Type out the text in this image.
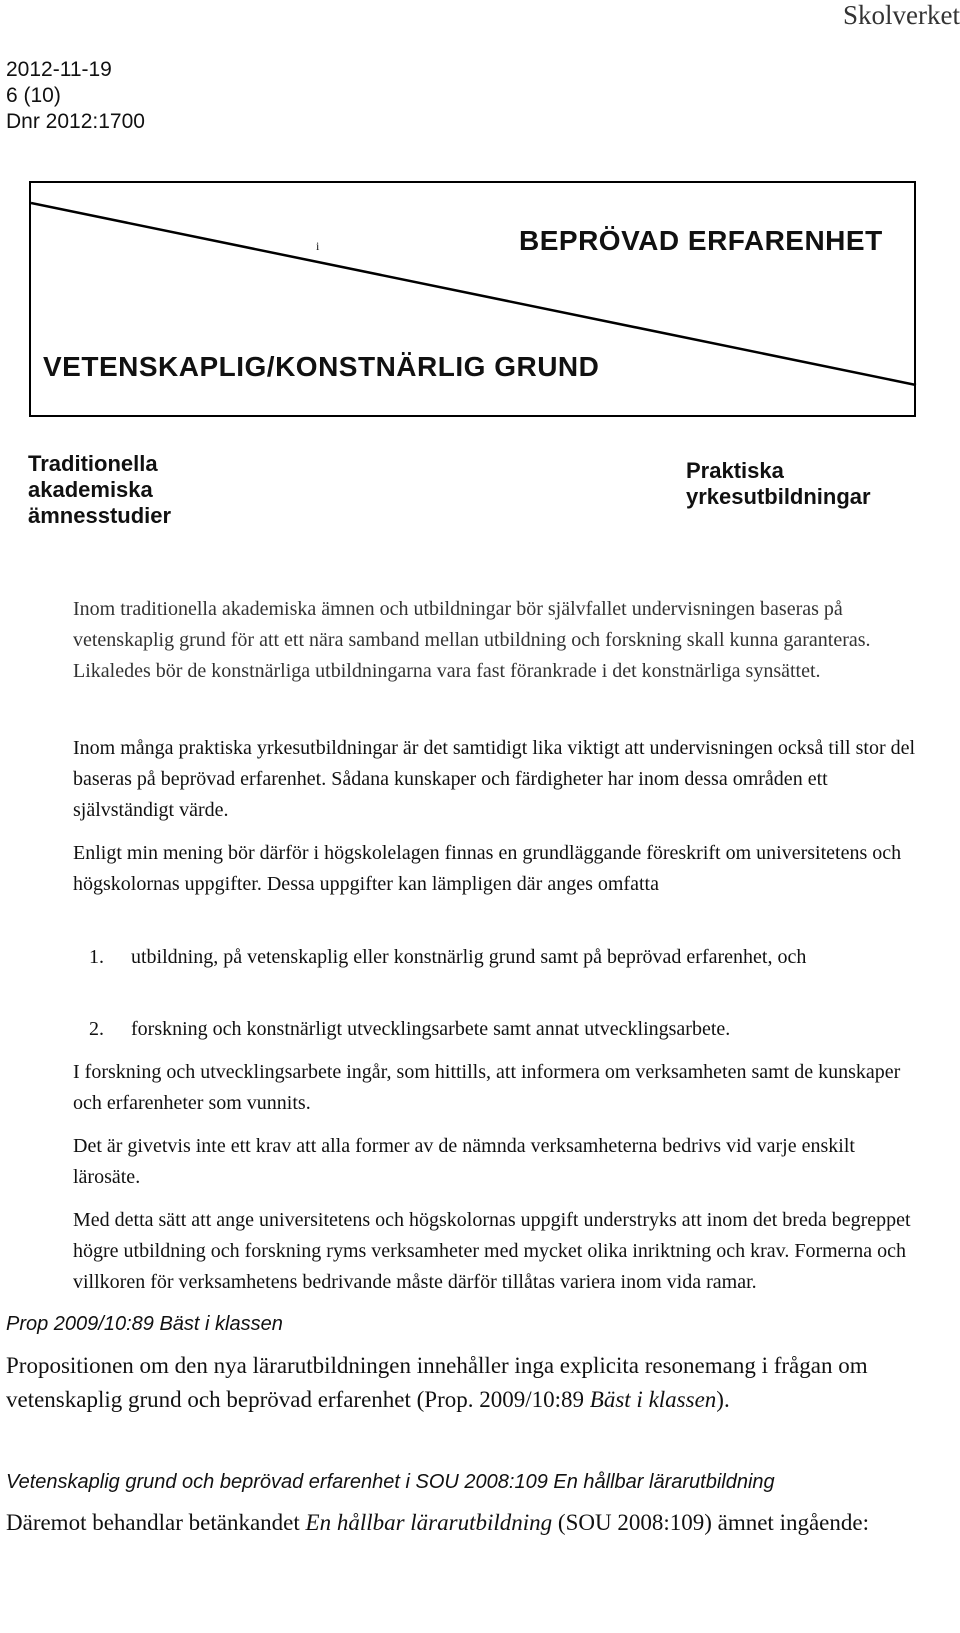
Skolverket
2012-11-19
6 (10)
Dnr 2012:1700
BEPRÖVAD ERFARENHET
VETENSKAPLIG/KONSTNÄRLIG GRUND
i
Traditionella
akademiska
ämnesstudier
Praktiska
yrkesutbildningar

Inom traditionella akademiska ämnen och utbildningar bör självfallet undervisningen baseras på vetenskaplig grund för att ett nära samband mellan utbildning och forskning skall kunna garanteras. Likaledes bör de konstnärliga utbildningarna vara fast förankrade i det konstnärliga synsättet.

Inom många praktiska yrkesutbildningar är det samtidigt lika viktigt att undervisningen också till stor del baseras på beprövad erfarenhet. Sådana kunskaper och färdigheter har inom dessa områden ett självständigt värde.

Enligt min mening bör därför i högskolelagen finnas en grundläggande föreskrift om universitetens och högskolornas uppgifter. Dessa uppgifter kan lämpligen där anges omfatta

1. utbildning, på vetenskaplig eller konstnärlig grund samt på beprövad erfarenhet, och
2. forskning och konstnärligt utvecklingsarbete samt annat utvecklingsarbete.

I forskning och utvecklingsarbete ingår, som hittills, att informera om verksamheten samt de kunskaper och erfarenheter som vunnits.

Det är givetvis inte ett krav att alla former av de nämnda verksamheterna bedrivs vid varje enskilt lärosäte.

Med detta sätt att ange universitetens och högskolornas uppgift understryks att inom det breda begreppet högre utbildning och forskning ryms verksamheter med mycket olika inriktning och krav. Formerna och villkoren för verksamhetens bedrivande måste därför tillåtas variera inom vida ramar.

Prop 2009/10:89 Bäst i klassen
Propositionen om den nya lärarutbildningen innehåller inga explicita resonemang i frågan om vetenskaplig grund och beprövad erfarenhet (Prop. 2009/10:89 Bäst i klassen).
Vetenskaplig grund och beprövad erfarenhet i SOU 2008:109 En hållbar lärarutbildning
Däremot behandlar betänkandet En hållbar lärarutbildning (SOU 2008:109) ämnet ingående:
